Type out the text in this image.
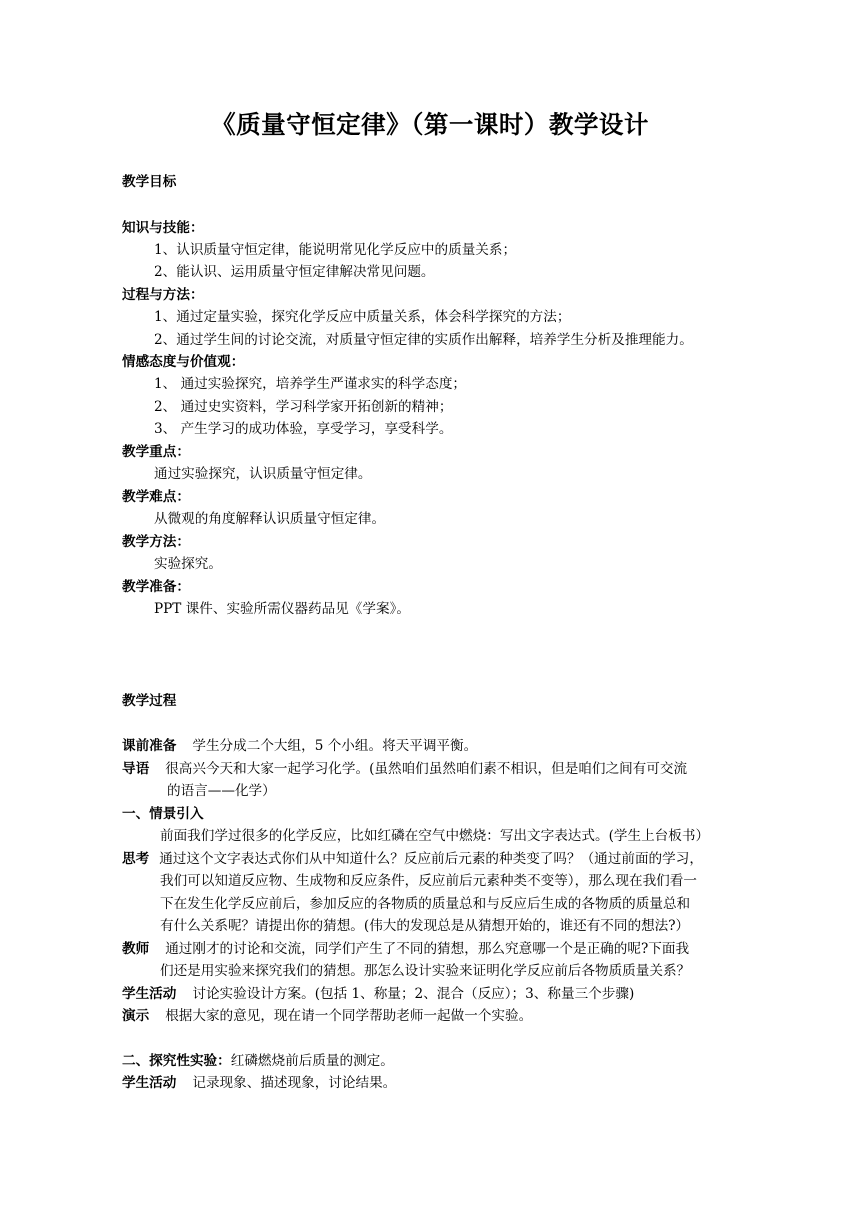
《质量守恒定律》（第一课时）教学设计
教学目标
知识与技能：
1、认识质量守恒定律，能说明常见化学反应中的质量关系；
2、能认识、运用质量守恒定律解决常见问题。
过程与方法：
1、通过定量实验，探究化学反应中质量关系，体会科学探究的方法；
2、通过学生间的讨论交流，对质量守恒定律的实质作出解释，培养学生分析及推理能力。
情感态度与价值观：
1、 通过实验探究，培养学生严谨求实的科学态度；
2、 通过史实资料，学习科学家开拓创新的精神；
3、 产生学习的成功体验，享受学习，享受科学。
教学重点：
通过实验探究，认识质量守恒定律。
教学难点：
从微观的角度解释认识质量守恒定律。
教学方法：
实验探究。
教学准备：
PPT 课件、实验所需仪器药品见《学案》。
教学过程
课前准备 学生分成二个大组，5 个小组。将天平调平衡。
导语 很高兴今天和大家一起学习化学。(虽然咱们虽然咱们素不相识，但是咱们之间有可交流
的语言——化学）
一、情景引入
前面我们学过很多的化学反应，比如红磷在空气中燃烧：写出文字表达式。(学生上台板书）
思考 通过这个文字表达式你们从中知道什么？反应前后元素的种类变了吗？（通过前面的学习，
我们可以知道反应物、生成物和反应条件，反应前后元素种类不变等），那么现在我们看一
下在发生化学反应前后，参加反应的各物质的质量总和与反应后生成的各物质的质量总和
有什么关系呢？请提出你的猜想。(伟大的发现总是从猜想开始的，谁还有不同的想法?）
教师 通过刚才的讨论和交流，同学们产生了不同的猜想，那么究意哪一个是正确的呢?下面我
们还是用实验来探究我们的猜想。那怎么设计实验来证明化学反应前后各物质质量关系？
学生活动 讨论实验设计方案。(包括 1、称量；2、混合（反应）；3、称量三个步骤)
演示 根据大家的意见，现在请一个同学帮助老师一起做一个实验。
二、探究性实验：红磷燃烧前后质量的测定。
学生活动 记录现象、描述现象，讨论结果。
